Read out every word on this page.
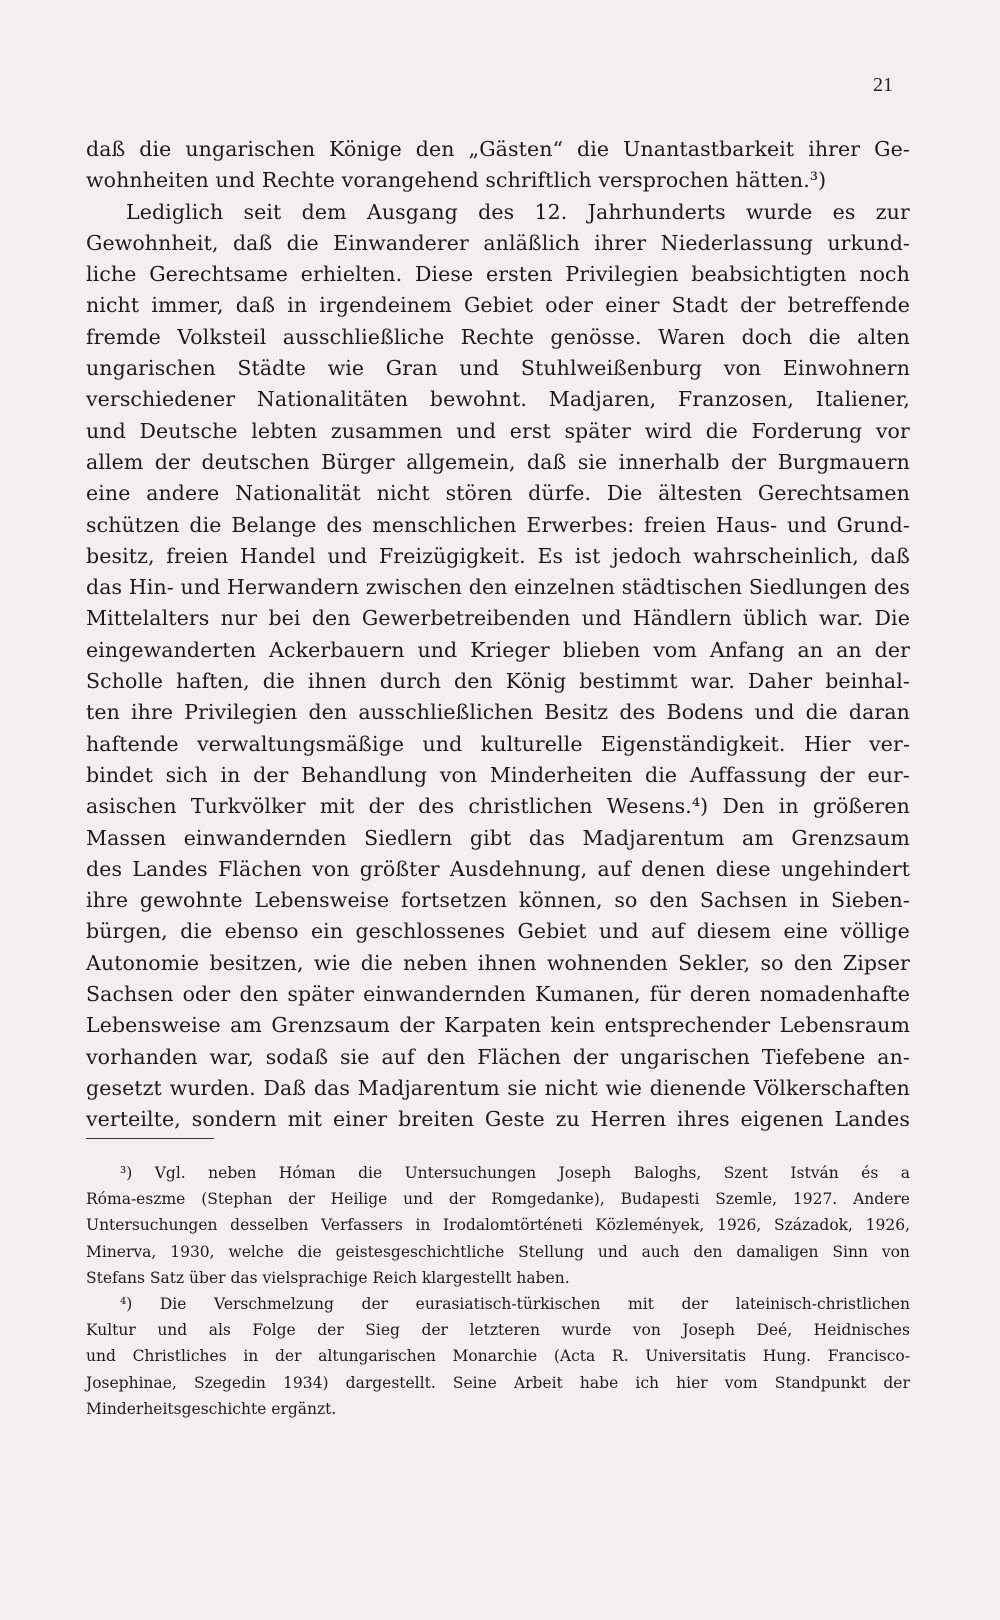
21
daß die ungarischen Könige den „Gästen“ die Unantastbarkeit ihrer Ge-
wohnheiten und Rechte vorangehend schriftlich versprochen hätten.³)
Lediglich seit dem Ausgang des 12. Jahrhunderts wurde es zur
Gewohnheit, daß die Einwanderer anläßlich ihrer Niederlassung urkund-
liche Gerechtsame erhielten. Diese ersten Privilegien beabsichtigten noch
nicht immer, daß in irgendeinem Gebiet oder einer Stadt der betreffende
fremde Volksteil ausschließliche Rechte genösse. Waren doch die alten
ungarischen Städte wie Gran und Stuhlweißenburg von Einwohnern
verschiedener Nationalitäten bewohnt. Madjaren, Franzosen, Italiener,
und Deutsche lebten zusammen und erst später wird die Forderung vor
allem der deutschen Bürger allgemein, daß sie innerhalb der Burgmauern
eine andere Nationalität nicht stören dürfe. Die ältesten Gerechtsamen
schützen die Belange des menschlichen Erwerbes: freien Haus- und Grund-
besitz, freien Handel und Freizügigkeit. Es ist jedoch wahrscheinlich, daß
das Hin- und Herwandern zwischen den einzelnen städtischen Siedlungen des
Mittelalters nur bei den Gewerbetreibenden und Händlern üblich war. Die
eingewanderten Ackerbauern und Krieger blieben vom Anfang an an der
Scholle haften, die ihnen durch den König bestimmt war. Daher beinhal-
ten ihre Privilegien den ausschließlichen Besitz des Bodens und die daran
haftende verwaltungsmäßige und kulturelle Eigenständigkeit. Hier ver-
bindet sich in der Behandlung von Minderheiten die Auffassung der eur-
asischen Turkvölker mit der des christlichen Wesens.⁴) Den in größeren
Massen einwandernden Siedlern gibt das Madjarentum am Grenzsaum
des Landes Flächen von größter Ausdehnung, auf denen diese ungehindert
ihre gewohnte Lebensweise fortsetzen können, so den Sachsen in Sieben-
bürgen, die ebenso ein geschlossenes Gebiet und auf diesem eine völlige
Autonomie besitzen, wie die neben ihnen wohnenden Sekler, so den Zipser
Sachsen oder den später einwandernden Kumanen, für deren nomadenhafte
Lebensweise am Grenzsaum der Karpaten kein entsprechender Lebensraum
vorhanden war, sodaß sie auf den Flächen der ungarischen Tiefebene an-
gesetzt wurden. Daß das Madjarentum sie nicht wie dienende Völkerschaften
verteilte, sondern mit einer breiten Geste zu Herren ihres eigenen Landes
³) Vgl. neben Hóman die Untersuchungen Joseph Baloghs, Szent István és a
Róma-eszme (Stephan der Heilige und der Romgedanke), Budapesti Szemle, 1927. Andere
Untersuchungen desselben Verfassers in Irodalomtörténeti Közlemények, 1926, Századok, 1926,
Minerva, 1930, welche die geistesgeschichtliche Stellung und auch den damaligen Sinn von
Stefans Satz über das vielsprachige Reich klargestellt haben.
⁴) Die Verschmelzung der eurasiatisch-türkischen mit der lateinisch-christlichen
Kultur und als Folge der Sieg der letzteren wurde von Joseph Deé, Heidnisches
und Christliches in der altungarischen Monarchie (Acta R. Universitatis Hung. Francisco-
Josephinae, Szegedin 1934) dargestellt. Seine Arbeit habe ich hier vom Standpunkt der
Minderheitsgeschichte ergänzt.
